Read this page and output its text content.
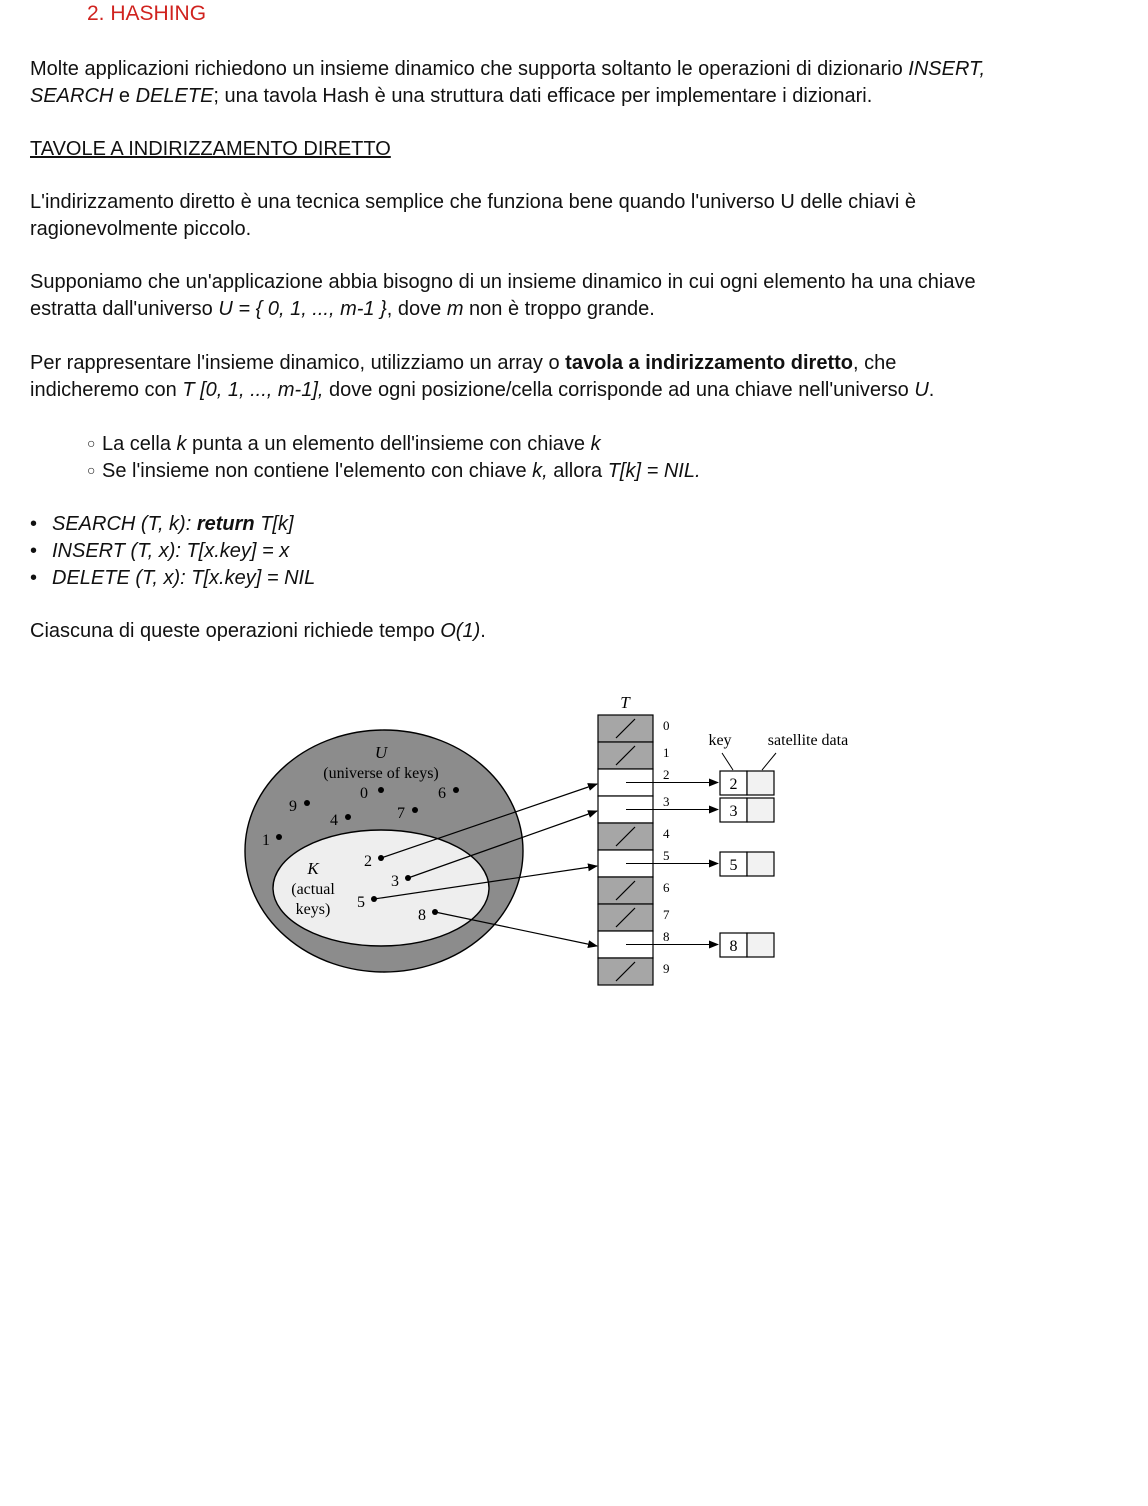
2. HASHING
Molte applicazioni richiedono un insieme dinamico che supporta soltanto le operazioni di dizionario INSERT,
SEARCH e DELETE; una tavola Hash è una struttura dati efficace per implementare i dizionari.
TAVOLE A INDIRIZZAMENTO DIRETTO
L'indirizzamento diretto è una tecnica semplice che funziona bene quando l'universo U delle chiavi è
ragionevolmente piccolo.
Supponiamo che un'applicazione abbia bisogno di un insieme dinamico in cui ogni elemento ha una chiave
estratta dall'universo U = { 0, 1, ..., m-1 }, dove m non è troppo grande.
Per rappresentare l'insieme dinamico, utilizziamo un array o tavola a indirizzamento diretto, che
indicheremo con T [0, 1, ..., m-1], dove ogni posizione/cella corrisponde ad una chiave nell'universo U.
○ La cella k punta a un elemento dell'insieme con chiave k
○ Se l'insieme non contiene l'elemento con chiave k, allora T[k] = NIL.
• SEARCH (T, k): return T[k]
• INSERT (T, x): T[x.key] = x
• DELETE (T, x): T[x.key] = NIL
Ciascuna di queste operazioni richiede tempo O(1).
U
(universe of keys)
0	6
9
4	7
1
K
(actual
keys)
2
3
5
8
T
0
1
2
3
4
5
6
7
8
9
key satellite data
2
3
5
8
